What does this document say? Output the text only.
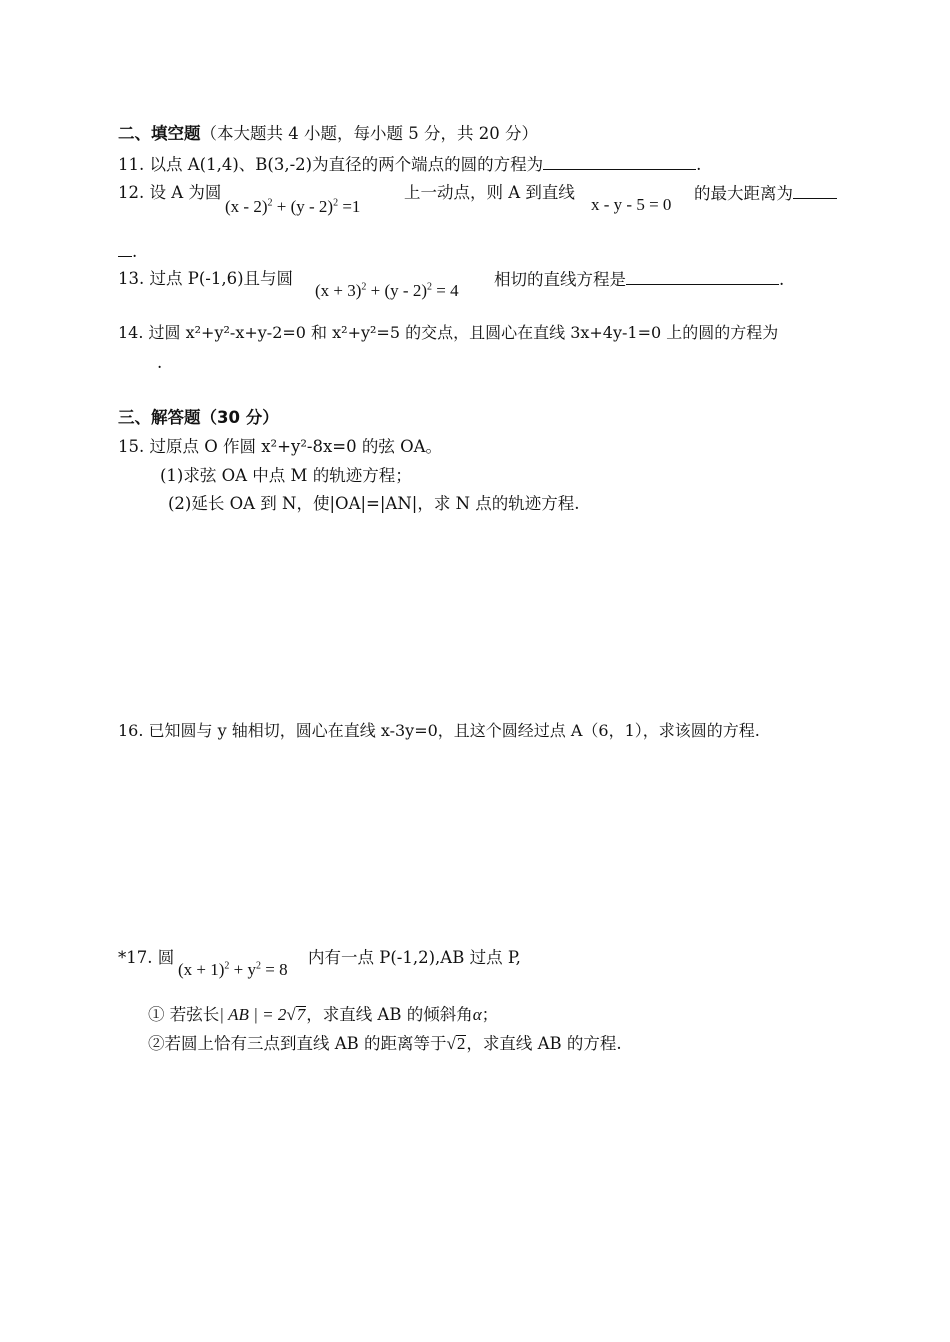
二、填空题（本大题共 4 小题，每小题 5 分，共 20 分）
11. 以点 A(1,4)、B(3,-2)为直径的两个端点的圆的方程为	.
12. 设 A 为圆
(x - 2)$^2$ + (y - 2)$^2$ =1
上一动点，则 A 到直线
x - y - 5 = 0
的最大距离为
.
13. 过点 P(-1,6)且与圆
$(x + 3)^2 + (y - 2)^2 = 4$
相切的直线方程是	.
14. 过圆 x²+y²-x+y-2=0 和 x²+y²=5 的交点，且圆心在直线 3x+4y-1=0 上的圆的方程为
.
三、解答题（30 分）
15. 过原点 O 作圆 x²+y²-8x=0 的弦 OA。
(1)求弦 OA 中点 M 的轨迹方程；
(2)延长 OA 到 N，使|OA|=|AN|，求 N 点的轨迹方程.
16. 已知圆与 y 轴相切，圆心在直线 x-3y=0，且这个圆经过点 A（6，1），求该圆的方程.
*17. 圆
$(x + 1)^2 + y^2 = 8$
内有一点 P(-1,2),AB 过点 P,
① 若弦长| AB | = 2√7，求直线 AB 的倾斜角α；
②若圆上恰有三点到直线 AB 的距离等于√2，求直线 AB 的方程.
